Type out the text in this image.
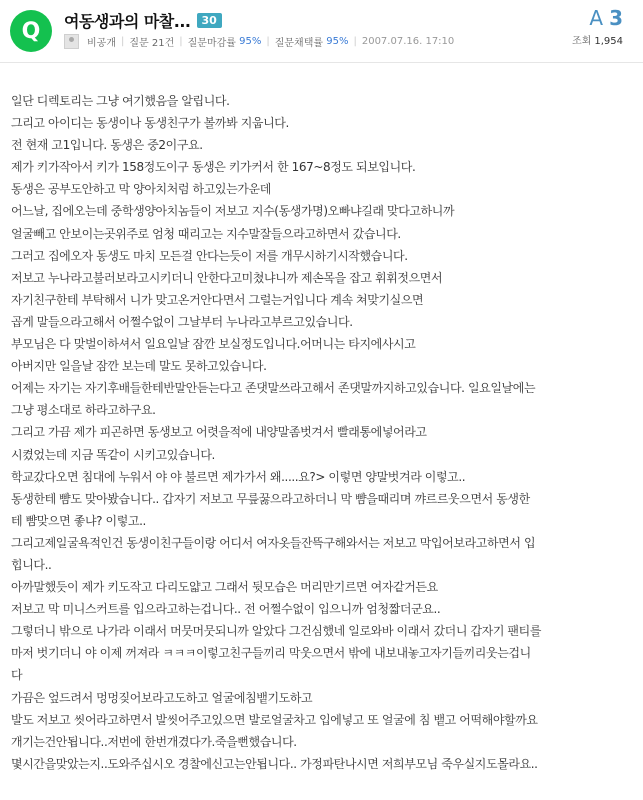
Q	여동생과의 마찰...	30
비공개 | 질문 21건 | 질문마감률
95% | 질문채택률
95% | 2007.07.16. 17:10
A 3
조회 1,954

일단 디렉토리는 그냥 여기했음을 알립니다.

그리고 아이디는 동생이나 동생친구가 볼까봐 지웁니다.

전 현재 고1입니다. 동생은 중2이구요.

제가 키가작아서 키가 158정도이구 동생은 키가커서 한 167~8정도 되보입니다.

동생은 공부도안하고 막 양아치처럼 하고있는가운데

어느날, 집에오는데 중학생양아치놈들이 저보고 지수(동생가명)오빠냐길래 맞다고하니까

얼굴빼고 안보이는곳위주로 엄청 때리고는 지수말잘들으라고하면서 갔습니다.

그러고 집에오자 동생도 마치 모든걸 안다는듯이 저를 개무시하기시작했습니다.

저보고 누나라고불러보라고시키더니 안한다고미쳤냐니까 제손목을 잡고 휘휘젓으면서

자기친구한테 부탁해서 니가 맞고온거안다면서 그럴는거입니다 계속 쳐맞기실으면

곱게 말들으라고해서 어쩔수없이 그날부터 누나라고부르고있습니다.

부모님은 다 맞벌이하셔서 일요일날 잠깐 보실정도입니다.어머니는 타지에사시고

아버지만 일을날 잠깐 보는데 말도 못하고있습니다.

어제는 자기는 자기후배들한테반말안듣는다고 존댓말쓰라고해서 존댓말까지하고있습니다. 일요일날에는

그냥 평소대로 하라고하구요.

그리고 가끔 제가 피곤하면 동생보고 어렷을적에 내양말좀벗겨서 빨래통에넣어라고

시켰었는데 지금 똑같이 시키고있습니다.

학교갔다오면 침대에 누워서 야 야 불르면 제가가서 왜.....요?> 이렇면 양말벗겨라 이렇고..

동생한테 뺨도 맞아봤습니다.. 갑자기 저보고 무릎꿇으라고하더니 막 뺨을때리며 꺄르르웃으면서 동생한

테 뺨맞으면 좋냐? 이렇고..

그리고제일굴욕적인건 동생이친구들이랑 어디서 여자옷들잔뜩구해와서는 저보고 막입어보라고하면서 입

힙니다..

아까말했듯이 제가 키도작고 다리도얇고 그래서 뒷모습은 머리만기르면 여자같거든요

저보고 막 미니스커트를 입으라고하는겁니다.. 전 어쩔수없이 입으니까 엄청짧더군요..

그렇더니 밖으로 나가라 이래서 머뭇머뭇되니까 알았다 그건심했네 일로와바 이래서 갔더니 갑자기 팬티를

마저 벗기더니 야 이제 꺼져라 ㅋㅋㅋ이렇고친구들끼리 막웃으면서 밖에 내보내놓고자기들끼리웃는겁니

다

가끔은 엎드려서 멍멍짖어보라고도하고 얼굴에침뱉기도하고

발도 저보고 씻어라고하면서 발씻어주고있으면 발로얼굴차고 입에넣고 또 얼굴에 침 뱉고 어떡해야할까요

개기는건안됩니다..저번에 한번개겼다가.죽을뻔했습니다.

몇시간을맞았는지..도와주십시오 경찰에신고는안됩니다.. 가정파탄나시면 저희부모님 죽우실지도몰라요..
